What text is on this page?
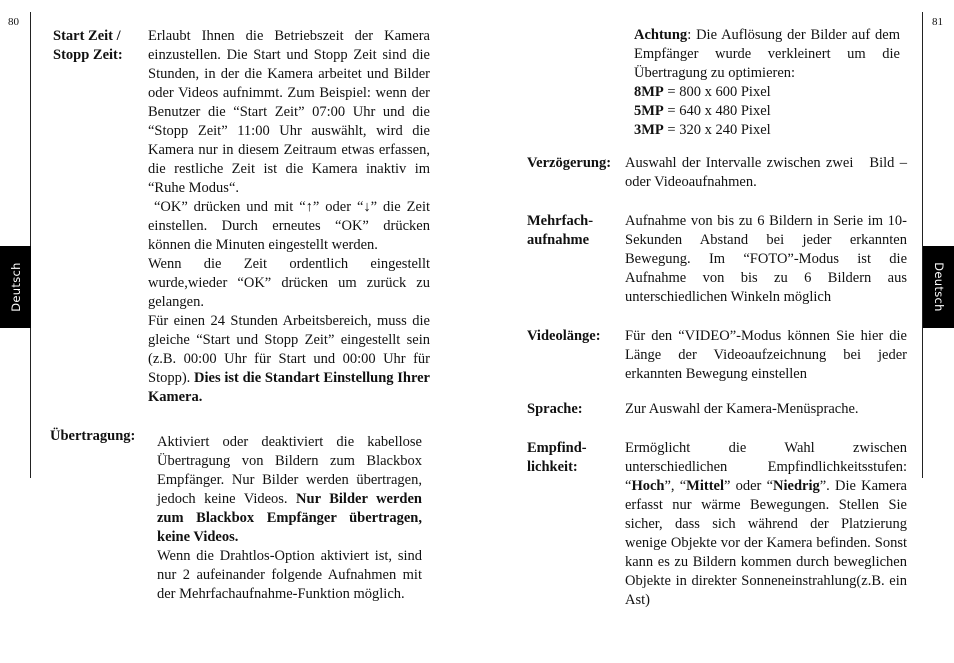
80
Deutsch
Start Zeit /
Stopp Zeit:

Erlaubt Ihnen die Betriebszeit der Kamera einzustellen. Die Start und Stopp Zeit sind die Stunden, in der die Kamera arbeitet und Bilder oder Videos aufnimmt. Zum Beispiel: wenn der Benutzer die “Start Zeit” 07:00 Uhr und die “Stopp Zeit” 11:00 Uhr auswählt, wird die Kamera nur in diesem Zeitraum etwas erfassen, die restliche Zeit ist die Kamera inaktiv im “Ruhe Modus“.

“OK” drücken und mit “↑” oder “↓” die Zeit einstellen. Durch erneutes “OK” drücken können die Minuten eingestellt werden.

Wenn die Zeit ordentlich eingestellt wurde,wieder “OK” drücken um zurück zu gelangen.

Für einen 24 Stunden Arbeitsbereich, muss die gleiche “Start und Stopp Zeit” eingestellt sein (z.B. 00:00 Uhr für Start und 00:00 Uhr für Stopp). Dies ist die Standart Einstellung Ihrer Kamera.

Übertragung: Aktiviert oder deaktiviert die kabellose Übertragung von Bildern zum Blackbox Empfänger. Nur Bilder werden übertragen, jedoch keine Videos. Nur Bilder werden zum Blackbox Empfänger übertragen, keine Videos.

Wenn die Drahtlos-Option aktiviert ist, sind nur 2 aufeinander folgende Aufnahmen mit der Mehrfachaufnahme-Funktion möglich.

81
Deutsch

Achtung: Die Auflösung der Bilder auf dem Empfänger wurde verkleinert um die Übertragung zu optimieren:

8MP = 800 x 600 Pixel

5MP = 640 x 480 Pixel

3MP = 320 x 240 Pixel

Verzögerung: Auswahl der Intervalle zwischen zwei   Bild – oder Videoaufnahmen.
Mehrfach-
aufnahme
Aufnahme von bis zu 6 Bildern in Serie im 10-Sekunden Abstand bei jeder erkannten Bewegung. Im “FOTO”-Modus ist die Aufnahme von bis zu 6 Bildern aus unterschiedlichen Winkeln möglich
Videolänge: Für den “VIDEO”-Modus können Sie hier die Länge der Videoaufzeichnung bei jeder erkannten Bewegung einstellen
Sprache:	Zur Auswahl der Kamera-Menüsprache.
Empfind-
lichkeit:
Ermöglicht die Wahl zwischen unterschiedlichen Empfindlichkeitsstufen: “Hoch”, “Mittel” oder “Niedrig”. Die Kamera erfasst nur wärme Bewegungen. Stellen Sie sicher, dass sich während der Platzierung wenige Objekte vor der Kamera befinden. Sonst kann es zu Bildern kommen durch beweglichen Objekte in direkter Sonneneinstrahlung(z.B. ein Ast)
